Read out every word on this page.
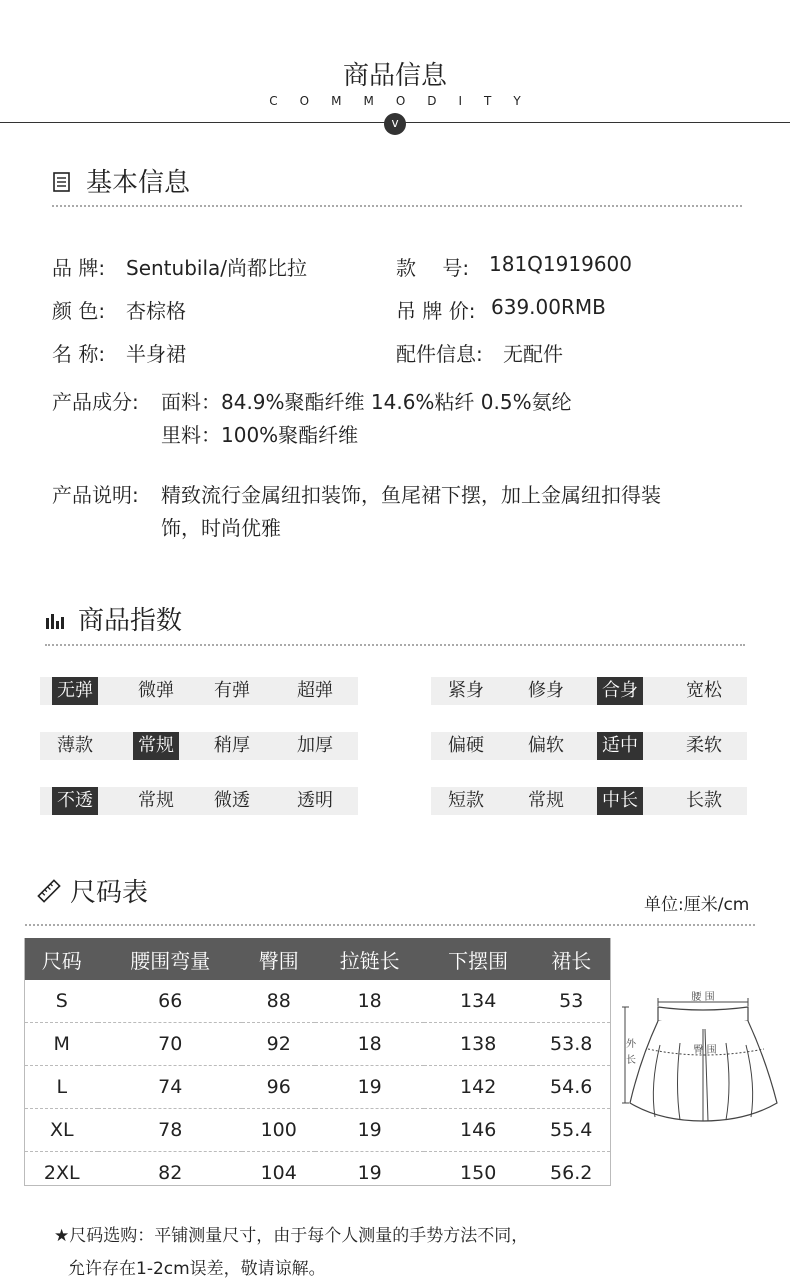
商品信息
COMMODITY
v
基本信息
品 牌: Sentubila/尚都比拉	款　 号: 181Q1919600
颜 色: 杏棕格	吊 牌 价: 639.00RMB
名 称: 半身裙	配件信息: 无配件
产品成分: 面料：84.9%聚酯纤维 14.6%粘纤 0.5%氨纶
里料：100%聚酯纤维
产品说明: 精致流行金属纽扣装饰，鱼尾裙下摆，加上金属纽扣得装
饰，时尚优雅
商品指数
无弹	微弹	有弹	超弹	紧身	修身	合身	宽松
薄款	常规	稍厚	加厚	偏硬	偏软	适中	柔软
不透	常规	微透	透明	短款	常规	中长	长款
尺码表	单位:厘米/cm
尺码	腰围弯量	臀围	拉链长	下摆围	裙长
S	66	88	18	134	53
M	70	92	18	138	53.8
L	74	96	19	142	54.6
XL	78	100	19	146	55.4
2XL	82	104	19	150	56.2
腰 围
臀 围
外
长
★尺码选购：平铺测量尺寸，由于每个人测量的手势方法不同，
允许存在1-2cm误差，敬请谅解。
